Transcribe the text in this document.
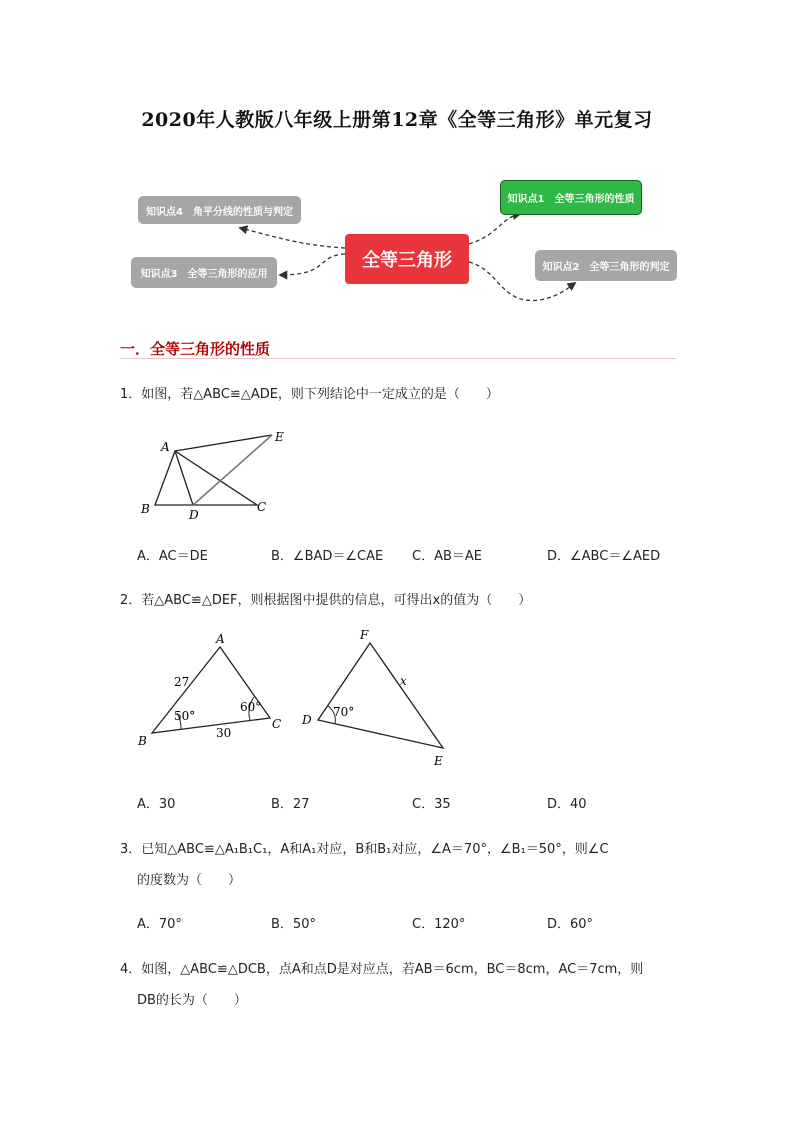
2020年人教版八年级上册第12章《全等三角形》单元复习
知识点4　角平分线的性质与判定
知识点3　全等三角形的应用
全等三角形
知识点1　全等三角形的性质
知识点2　全等三角形的判定
一．全等三角形的性质
1．如图，若△ABC≌△ADE，则下列结论中一定成立的是（　　）
A
E
B	D
C
A．AC＝DE	B．∠BAD＝∠CAE C．AB＝AE	D．∠ABC＝∠AED
2．若△ABC≌△DEF，则根据图中提供的信息，可得出x的值为（　　）
A
27
50°
60°
C
B
30
F
x
D
70°
E
A．30	B．27	C．35	D．40
3．已知△ABC≌△A₁B₁C₁，A和A₁对应，B和B₁对应，∠A＝70°，∠B₁＝50°，则∠C
的度数为（　　）
A．70°	B．50°	C．120°	D．60°
4．如图，△ABC≌△DCB，点A和点D是对应点，若AB＝6cm，BC＝8cm，AC＝7cm，则
DB的长为（　　）
